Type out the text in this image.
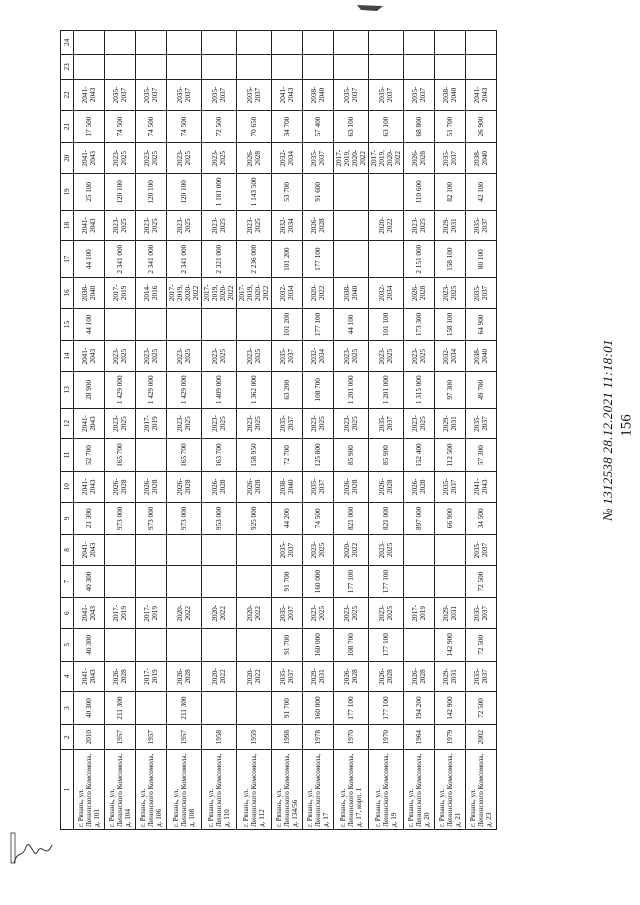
156
1	2	3	4	5	6	7	8	9	10	11	12	13	14	15	16	17	18	19	20	21	22	23	24
г. Рязань, ул. Ленинского Комсомола, д. 101	2010	40 300	2041-2043	40 300	2041-2043	40 300	2041-2043	21 300	2041-2043	52 700	2041-2043	28 900	2041-2043	44 100	2038-2040	44 100	2041-2043	25 100	2041-2043	17 500	2041-2043		
г. Рязань, ул. Ленинского Комсомола, д. 104	1957	211 300	2026-2028		2017-2019			973 000	2026-2028	165 700	2023-2025	1 429 000	2023-2025		2017-2019	2 341 000	2023-2025	120 100	2023-2025	74 500	2035-2037		
г. Рязань, ул. Ленинского Комсомола, д. 106	1957		2017-2019		2017-2019			973 000	2026-2028		2017-2019	1 429 000	2023-2025		2014-2016	2 341 000	2023-2025	120 100	2023-2025	74 500	2035-2037		
г. Рязань, ул. Ленинского Комсомола, д. 108	1957	211 300	2026-2028		2020-2022			973 000	2026-2028	165 700	2023-2025	1 429 000	2023-2025		2017-2019, 2020-2022	2 341 000	2023-2025	120 100	2023-2025	74 500	2035-2037		
г. Рязань, ул. Ленинского Комсомола, д. 110	1958		2020-2022		2020-2022			953 000	2026-2028	163 700	2023-2025	1 409 000	2023-2025		2017-2019, 2020-2022	2 321 000	2023-2025	1 181 000	2023-2025	72 500	2035-2037		
г. Рязань, ул. Ленинского Комсомола, д. 112	1959		2020-2022		2020-2022			925 000	2026-2028	158 950	2023-2025	1 362 000	2023-2025		2017-2019, 2020-2022	2 236 000	2023-2025	1 143 500	2026-2028	70 650	2035-2037		
г. Рязань, ул. Ленинского Комсомола, д. 134/56	1998	91 700	2035-2037	91 700	2035-2037	91 700	2035-2037	44 200	2038-2040	72 700	2035-2037	63 200	2035-2037	101 200	2032-2034	101 200	2032-2034	53 700	2032-2034	34 700	2041-2043		
г. Рязань, ул. Ленинского Комсомола, д. 17	1978	160 000	2029-2031	160 000	2023-2025	160 000	2023-2025	74 500	2035-2037	125 800	2023-2025	108 700	2032-2034	177 100	2020-2022	177 100	2026-2028	91 600	2035-2037	57 400	2038-2040		
г. Рязань, ул. Ленинского Комсомола, д. 17, корп. 1	1970	177 100	2026-2028	108 700	2023-2025	177 100	2020-2022	821 000	2026-2028	85 900	2023-2025	1 201 000	2023-2025	44 100	2038-2040				2017-2019, 2020-2022	63 100	2035-2037		
г. Рязань, ул. Ленинского Комсомола, д. 19	1970	177 100	2026-2028	177 100	2023-2025	177 100	2023-2025	821 000	2026-2028	85 900	2035-2037	1 201 000	2023-2025	101 100	2032-2034		2020-2022		2017-2019, 2020-2022	63 100	2035-2037		
г. Рязань, ул. Ленинского Комсомола, д. 20	1964	194 200	2026-2028		2017-2019			897 000	2026-2028	152 400	2023-2025	1 315 000	2023-2025	173 300	2026-2028	2 151 000	2023-2025	110 600	2026-2028	68 800	2035-2037		
г. Рязань, ул. Ленинского Комсомола, д. 21	1979	142 900	2029-2031	142 900	2029-2031			66 900	2035-2037	112 500	2029-2031	97 300	2032-2034	158 100	2023-2025	158 100	2029-2031	82 100	2035-2037	51 700	2038-2040		
г. Рязань, ул. Ленинского Комсомола, д. 23	2002	72 500	2035-2037	72 500	2035-2037	72 500	2035-2037	34 500	2041-2043	57 300	2035-2037	49 700	2038-2040	64 900	2035-2037	80 100	2035-2037	42 100	2038-2040	26 900	2041-2043		
№ 1312538 28.12.2021 11:18:01
